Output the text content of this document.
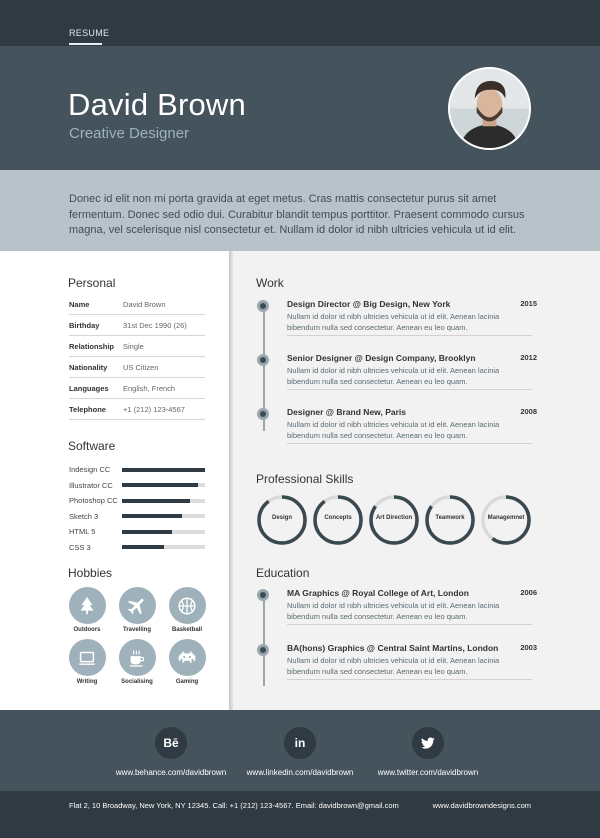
RESUME
David Brown
Creative Designer

Donec id elit non mi porta gravida at eget metus. Cras mattis consectetur purus sit amet fermentum. Donec sed odio dui. Curabitur blandit tempus porttitor. Praesent commodo cursus magna, vel scelerisque nisl consectetur et. Nullam id dolor id nibh ultricies vehicula ut id elit.

Personal
Name	David Brown
Birthday	31st Dec 1990 (26)
Relationship	Single
Nationality	US Citizen
Languages	English, French
Telephone	+1 (212) 123-4567
Software
Indesign CC
Illustrator CC
Photoshop CC
Sketch 3
HTML 5
CSS 3
Hobbies
Outdoors	Travelling	Basketball
Writing	Socialising	Gaming
Work
Design Director @ Big Design, New York	2015
Nullam id dolor id nibh ultricies vehicula ut id elit. Aenean lacinia bibendum nulla sed consectetur. Aenean eu leo quam.
Senior Designer @ Design Company, Brooklyn	2012
Nullam id dolor id nibh ultricies vehicula ut id elit. Aenean lacinia bibendum nulla sed consectetur. Aenean eu leo quam.
Designer @ Brand New, Paris	2008
Nullam id dolor id nibh ultricies vehicula ut id elit. Aenean lacinia bibendum nulla sed consectetur. Aenean eu leo quam.
Professional Skills
Education
MA Graphics @ Royal College of Art, London	2006
Nullam id dolor id nibh ultricies vehicula ut id elit. Aenean lacinia bibendum nulla sed consectetur. Aenean eu leo quam.
BA(hons) Graphics @ Central Saint Martins, London	2003
Nullam id dolor id nibh ultricies vehicula ut id elit. Aenean lacinia bibendum nulla sed consectetur. Aenean eu leo quam.
Design	Concepts	Art Direction	Teamwork	Managemnet
Bē
www.behance.com/davidbrown
in
www.linkedin.com/davidbrown	www.twitter.com/davidbrown
Flat 2, 10 Broadway, New York, NY 12345. Call: +1 (212) 123-4567. Email: davidbrown@gmail.com	www.davidbrowndesigns.com
